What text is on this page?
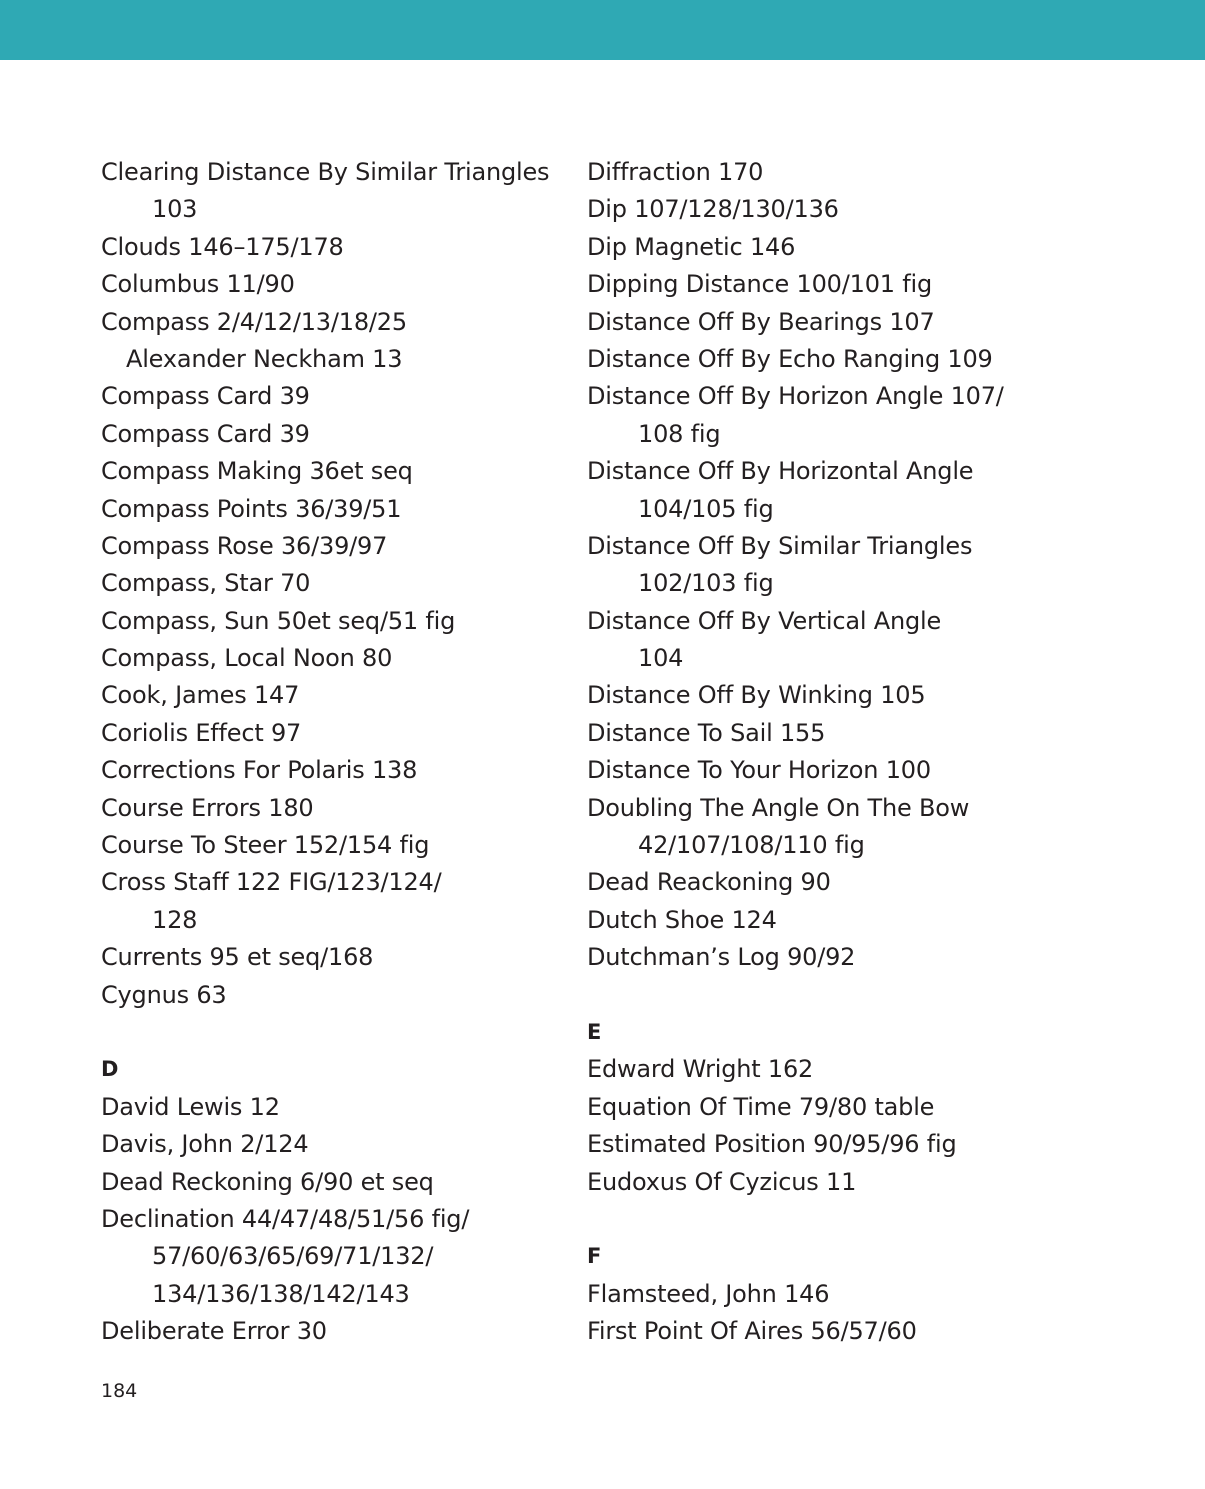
Clearing Distance By Similar Triangles
103
Clouds 146–175/178
Columbus 11/90
Compass 2/4/12/13/18/25
Alexander Neckham 13
Compass Card 39
Compass Card 39
Compass Making 36et seq
Compass Points 36/39/51
Compass Rose 36/39/97
Compass, Star 70
Compass, Sun 50et seq/51 fig
Compass, Local Noon 80
Cook, James 147
Coriolis Effect 97
Corrections For Polaris 138
Course Errors 180
Course To Steer 152/154 fig
Cross Staff 122 FIG/123/124/
128
Currents 95 et seq/168
Cygnus 63
D
David Lewis 12
Davis, John 2/124
Dead Reckoning 6/90 et seq
Declination 44/47/48/51/56 fig/
57/60/63/65/69/71/132/
134/136/138/142/143
Deliberate Error 30
Diffraction 170
Dip 107/128/130/136
Dip Magnetic 146
Dipping Distance 100/101 fig
Distance Off By Bearings 107
Distance Off By Echo Ranging 109
Distance Off By Horizon Angle 107/
108 fig
Distance Off By Horizontal Angle
104/105 fig
Distance Off By Similar Triangles
102/103 fig
Distance Off By Vertical Angle
104
Distance Off By Winking 105
Distance To Sail 155
Distance To Your Horizon 100
Doubling The Angle On The Bow
42/107/108/110 fig
Dead Reackoning 90
Dutch Shoe 124
Dutchman’s Log 90/92
E
Edward Wright 162
Equation Of Time 79/80 table
Estimated Position 90/95/96 fig
Eudoxus Of Cyzicus 11
F
Flamsteed, John 146
First Point Of Aires 56/57/60
184
